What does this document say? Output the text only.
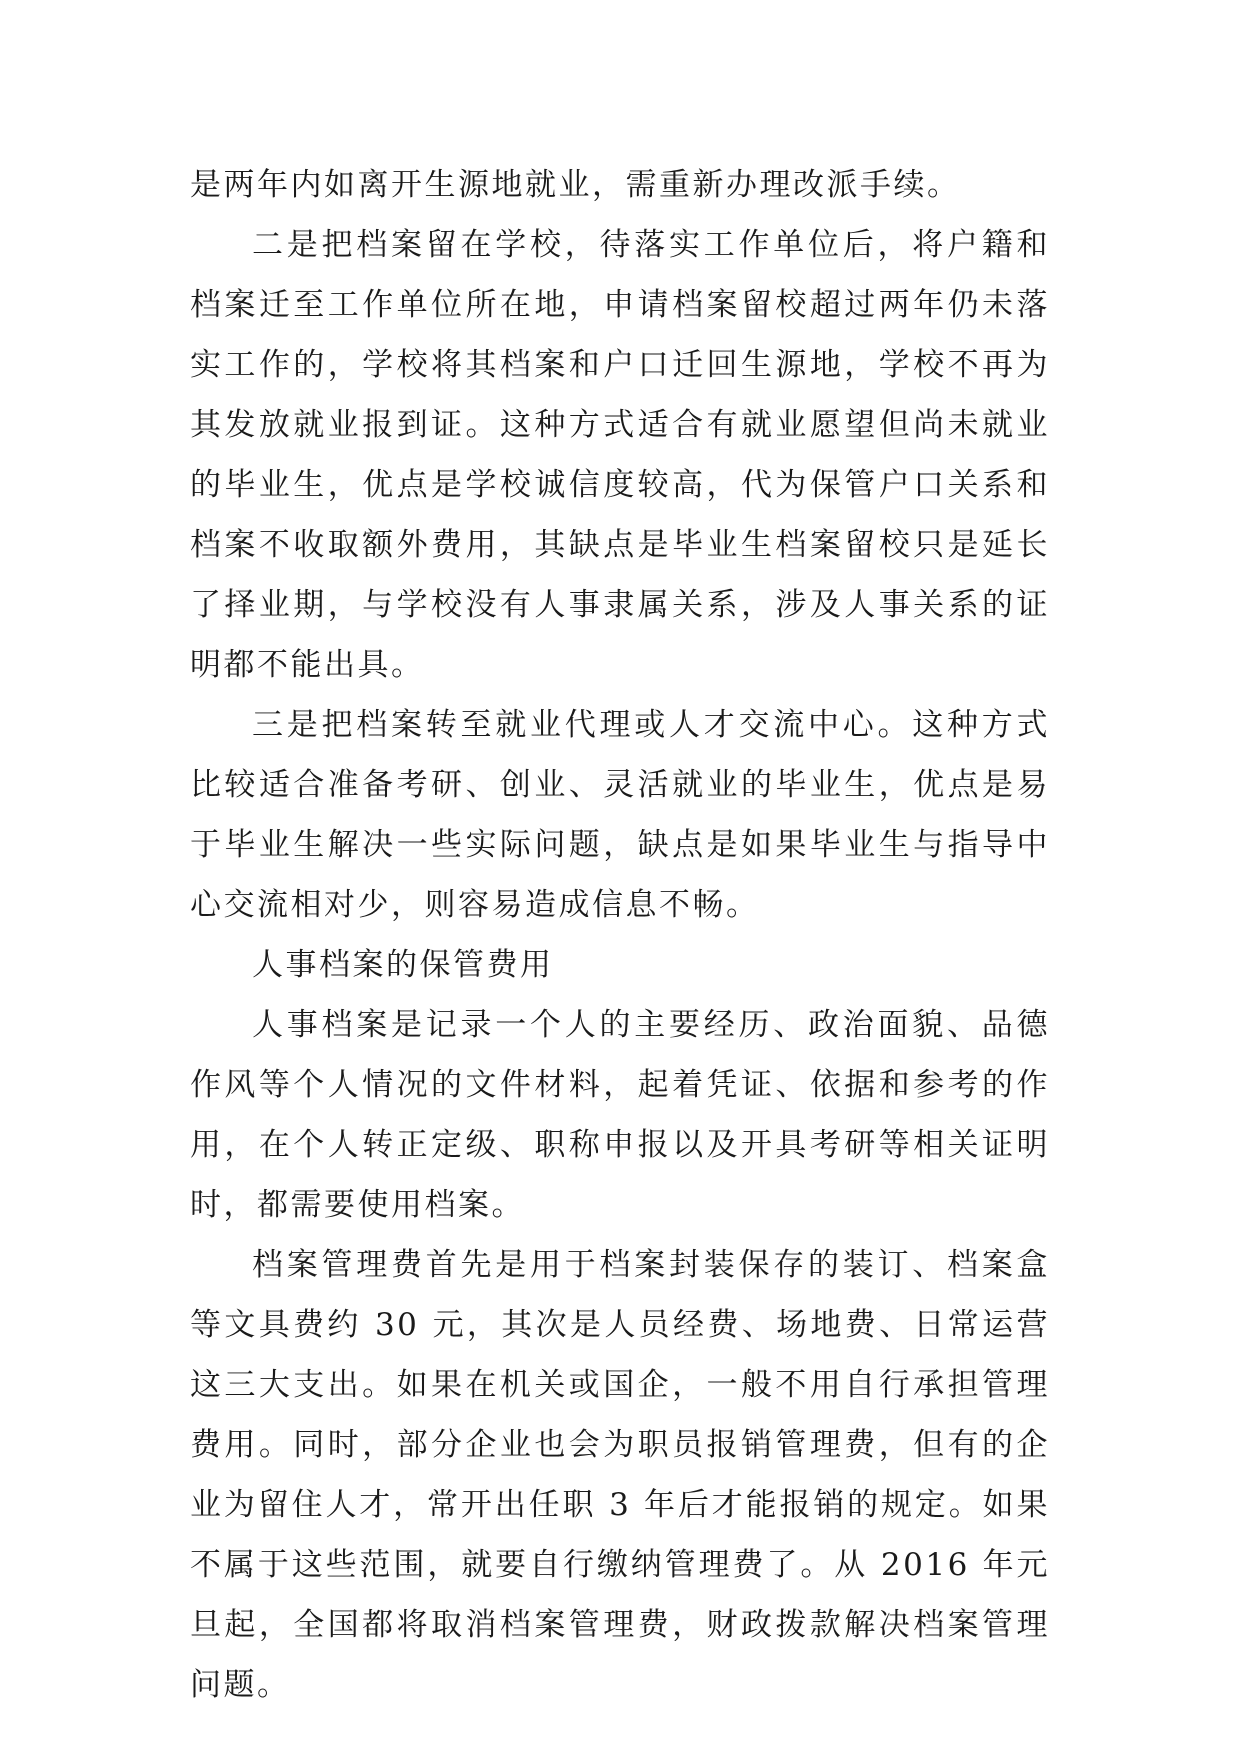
是两年内如离开生源地就业，需重新办理改派手续。

二是把档案留在学校，待落实工作单位后，将户籍和档案迁至工作单位所在地，申请档案留校超过两年仍未落实工作的，学校将其档案和户口迁回生源地，学校不再为其发放就业报到证。这种方式适合有就业愿望但尚未就业的毕业生，优点是学校诚信度较高，代为保管户口关系和档案不收取额外费用，其缺点是毕业生档案留校只是延长了择业期，与学校没有人事隶属关系，涉及人事关系的证明都不能出具。

三是把档案转至就业代理或人才交流中心。这种方式比较适合准备考研、创业、灵活就业的毕业生，优点是易于毕业生解决一些实际问题，缺点是如果毕业生与指导中心交流相对少，则容易造成信息不畅。

人事档案的保管费用

人事档案是记录一个人的主要经历、政治面貌、品德作风等个人情况的文件材料，起着凭证、依据和参考的作用，在个人转正定级、职称申报以及开具考研等相关证明时，都需要使用档案。

档案管理费首先是用于档案封装保存的装订、档案盒等文具费约 30 元，其次是人员经费、场地费、日常运营这三大支出。如果在机关或国企，一般不用自行承担管理费用。同时，部分企业也会为职员报销管理费，但有的企业为留住人才，常开出任职 3 年后才能报销的规定。如果不属于这些范围，就要自行缴纳管理费了。从 2016 年元旦起，全国都将取消档案管理费，财政拨款解决档案管理问题。
